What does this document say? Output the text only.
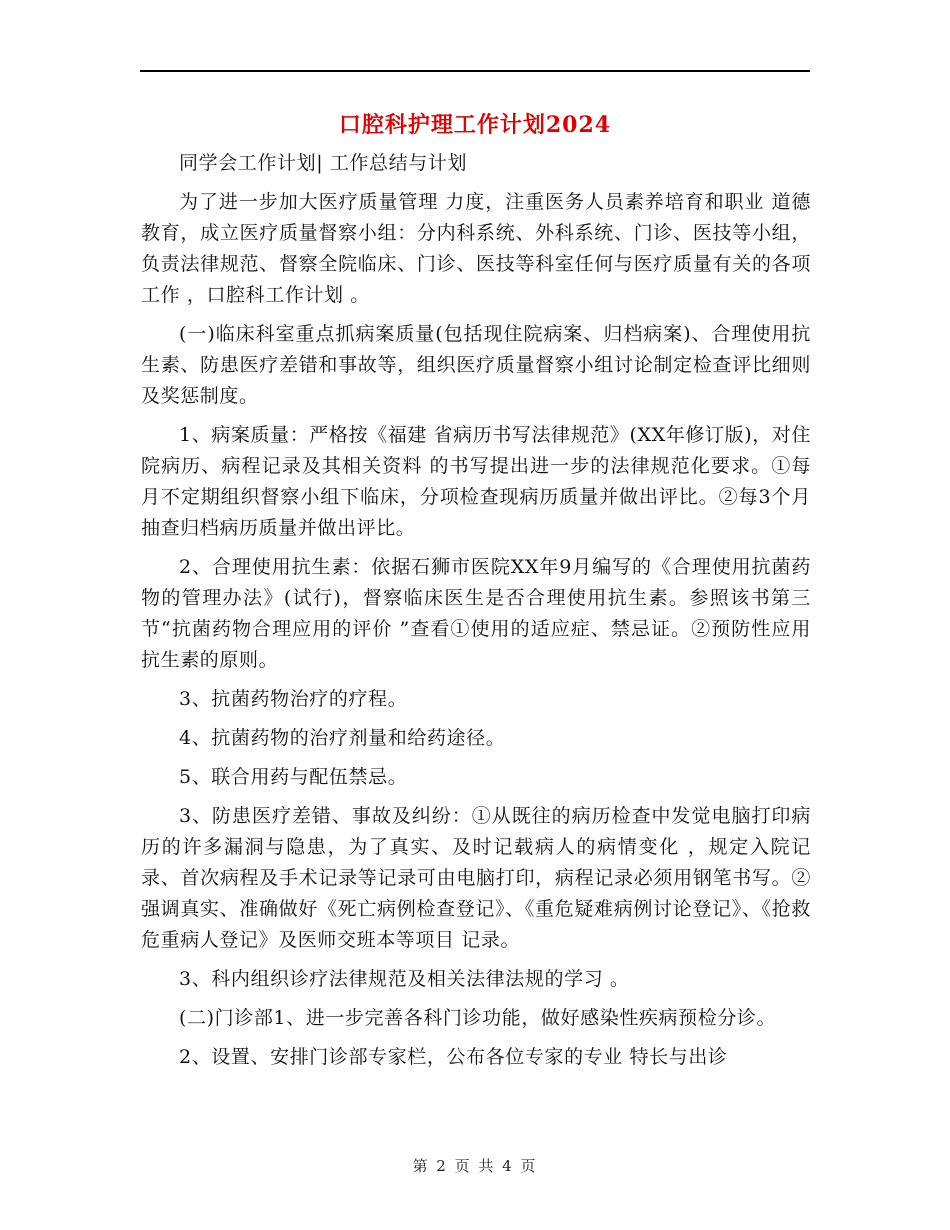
口腔科护理工作计划2024

同学会工作计划| 工作总结与计划

为了进一步加大医疗质量管理 力度，注重医务人员素养培育和职业 道德 教育，成立医疗质量督察小组：分内科系统、外科系统、门诊、医技等小组，负责法律规范、督察全院临床、门诊、医技等科室任何与医疗质量有关的各项工作 ，口腔科工作计划 。

(一)临床科室重点抓病案质量(包括现住院病案、归档病案)、合理使用抗生素、防患医疗差错和事故等，组织医疗质量督察小组讨论制定检查评比细则及奖惩制度。

1、病案质量：严格按《福建 省病历书写法律规范》(XX年修订版)，对住院病历、病程记录及其相关资料 的书写提出进一步的法律规范化要求。①每月不定期组织督察小组下临床，分项检查现病历质量并做出评比。②每3个月抽查归档病历质量并做出评比。

2、合理使用抗生素：依据石狮市医院XX年9月编写的《合理使用抗菌药物的管理办法》(试行)，督察临床医生是否合理使用抗生素。参照该书第三节“抗菌药物合理应用的评价 ”查看①使用的适应症、禁忌证。②预防性应用抗生素的原则。

3、抗菌药物治疗的疗程。

4、抗菌药物的治疗剂量和给药途径。

5、联合用药与配伍禁忌。

3、防患医疗差错、事故及纠纷：①从既往的病历检查中发觉电脑打印病历的许多漏洞与隐患，为了真实、及时记载病人的病情变化 ，规定入院记录、首次病程及手术记录等记录可由电脑打印，病程记录必须用钢笔书写。②强调真实、准确做好《死亡病例检查登记》、《重危疑难病例讨论登记》、《抢救危重病人登记》及医师交班本等项目 记录。

3、科内组织诊疗法律规范及相关法律法规的学习 。

(二)门诊部1、进一步完善各科门诊功能，做好感染性疾病预检分诊。

2、设置、安排门诊部专家栏，公布各位专家的专业 特长与出诊

第 2 页 共 4 页
